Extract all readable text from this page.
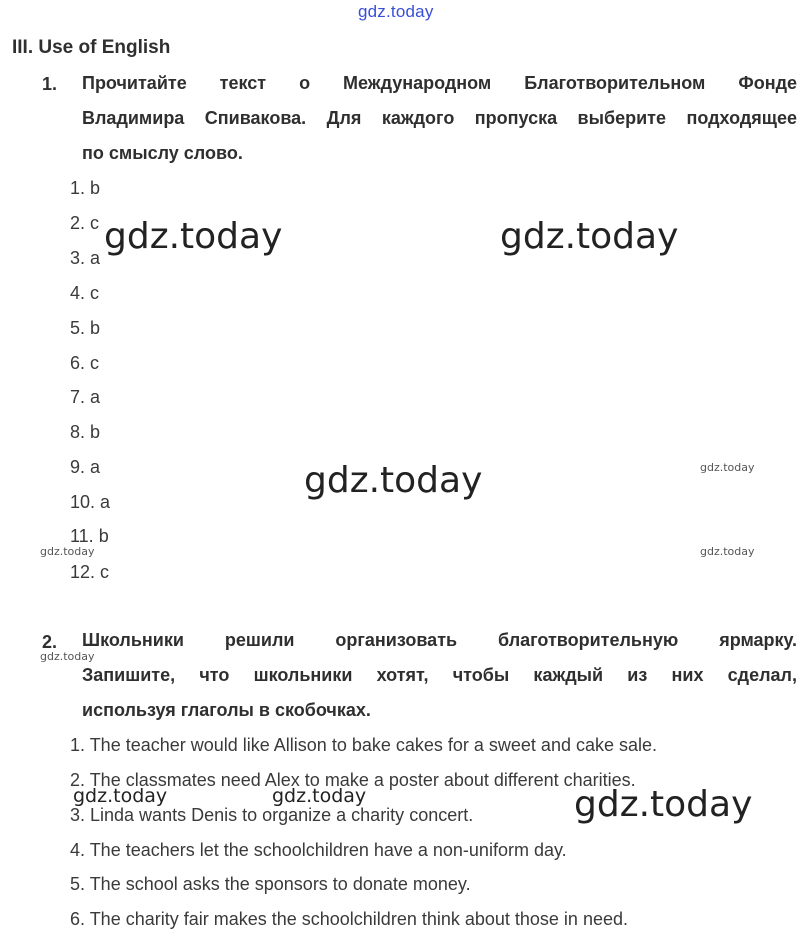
gdz.today
III. Use of English
1. Прочитайте текст о Международном Благотворительном Фонде
Владимира Спивакова. Для каждого пропуска выберите подходящее
по смыслу слово.
1. b
2. c
3. a
4. c
5. b
6. c
7. a
8. b
9. a
10. a
11. b
12. c
2. Школьники решили организовать благотворительную ярмарку.
Запишите, что школьники хотят, чтобы каждый из них сделал,
используя глаголы в скобочках.
1. The teacher would like Allison to bake cakes for a sweet and cake sale.
2. The classmates need Alex to make a poster about different charities.
3. Linda wants Denis to organize a charity concert.
4. The teachers let the schoolchildren have a non-uniform day.
5. The school asks the sponsors to donate money.
6. The charity fair makes the schoolchildren think about those in need.
gdz.today	gdz.today
gdz.today
gdz.today
gdz.today
gdz.today	gdz.today
gdz.today
gdz.today	gdz.today
